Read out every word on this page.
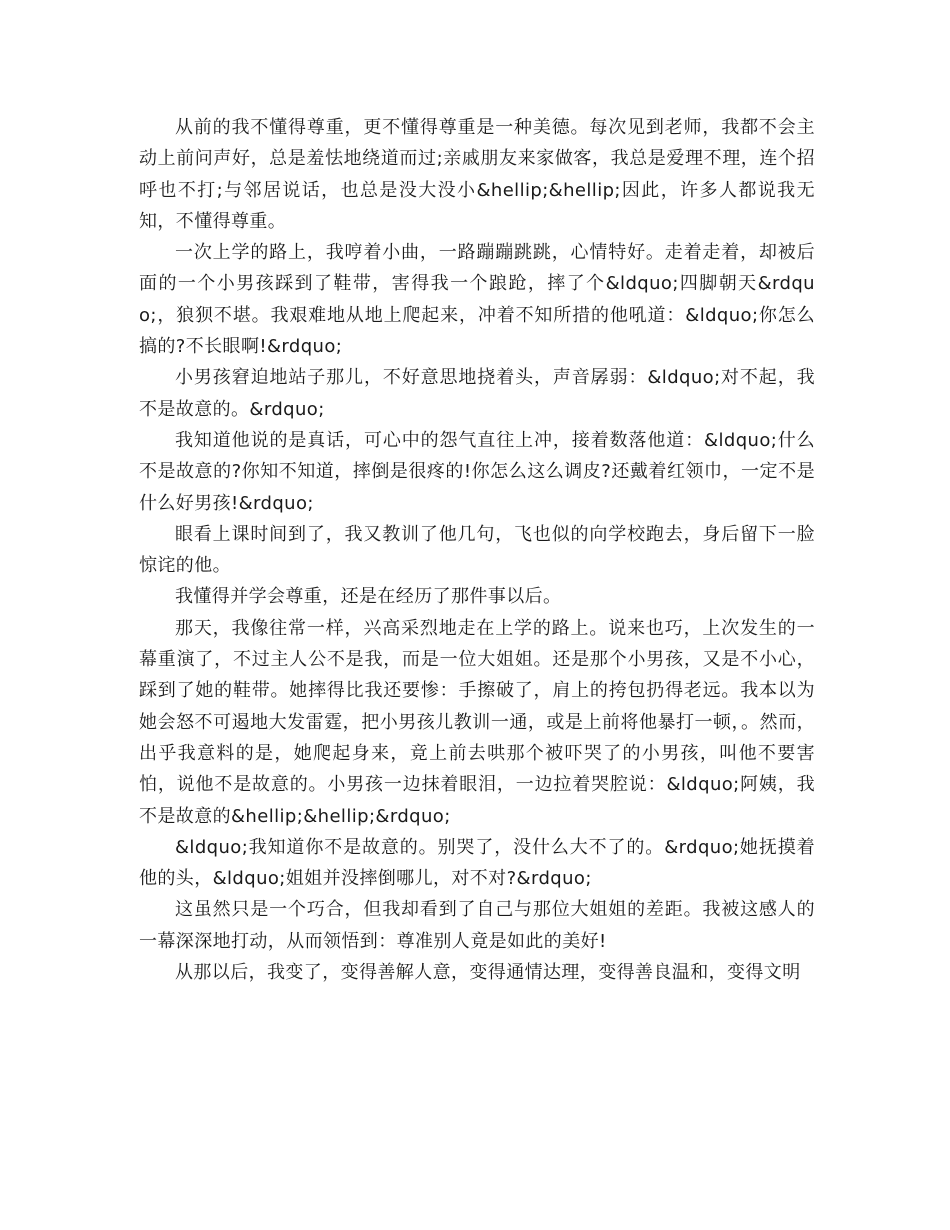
从前的我不懂得尊重，更不懂得尊重是一种美德。每次见到老师，我都不会主动上前问声好，总是羞怯地绕道而过;亲戚朋友来家做客，我总是爱理不理，连个招呼也不打;与邻居说话，也总是没大没小&hellip;&hellip;因此，许多人都说我无知，不懂得尊重。

一次上学的路上，我哼着小曲，一路蹦蹦跳跳，心情特好。走着走着，却被后面的一个小男孩踩到了鞋带，害得我一个踉跄，摔了个&ldquo;四脚朝天&rdquo;，狼狈不堪。我艰难地从地上爬起来，冲着不知所措的他吼道：&ldquo;你怎么搞的?不长眼啊!&rdquo;

小男孩窘迫地站子那儿，不好意思地挠着头，声音孱弱：&ldquo;对不起，我不是故意的。&rdquo;

我知道他说的是真话，可心中的怨气直往上冲，接着数落他道：&ldquo;什么不是故意的?你知不知道，摔倒是很疼的!你怎么这么调皮?还戴着红领巾，一定不是什么好男孩!&rdquo;

眼看上课时间到了，我又教训了他几句，飞也似的向学校跑去，身后留下一脸惊诧的他。

我懂得并学会尊重，还是在经历了那件事以后。

那天，我像往常一样，兴高采烈地走在上学的路上。说来也巧，上次发生的一幕重演了，不过主人公不是我，而是一位大姐姐。还是那个小男孩，又是不小心，踩到了她的鞋带。她摔得比我还要惨：手擦破了，肩上的挎包扔得老远。我本以为她会怒不可遏地大发雷霆，把小男孩儿教训一通，或是上前将他暴打一顿，。然而，出乎我意料的是，她爬起身来，竟上前去哄那个被吓哭了的小男孩，叫他不要害怕，说他不是故意的。小男孩一边抹着眼泪，一边拉着哭腔说：&ldquo;阿姨，我不是故意的&hellip;&hellip;&rdquo;

&ldquo;我知道你不是故意的。别哭了，没什么大不了的。&rdquo;她抚摸着他的头，&ldquo;姐姐并没摔倒哪儿，对不对?&rdquo;

这虽然只是一个巧合，但我却看到了自己与那位大姐姐的差距。我被这感人的一幕深深地打动，从而领悟到：尊准别人竟是如此的美好!

从那以后，我变了，变得善解人意，变得通情达理，变得善良温和，变得文明
